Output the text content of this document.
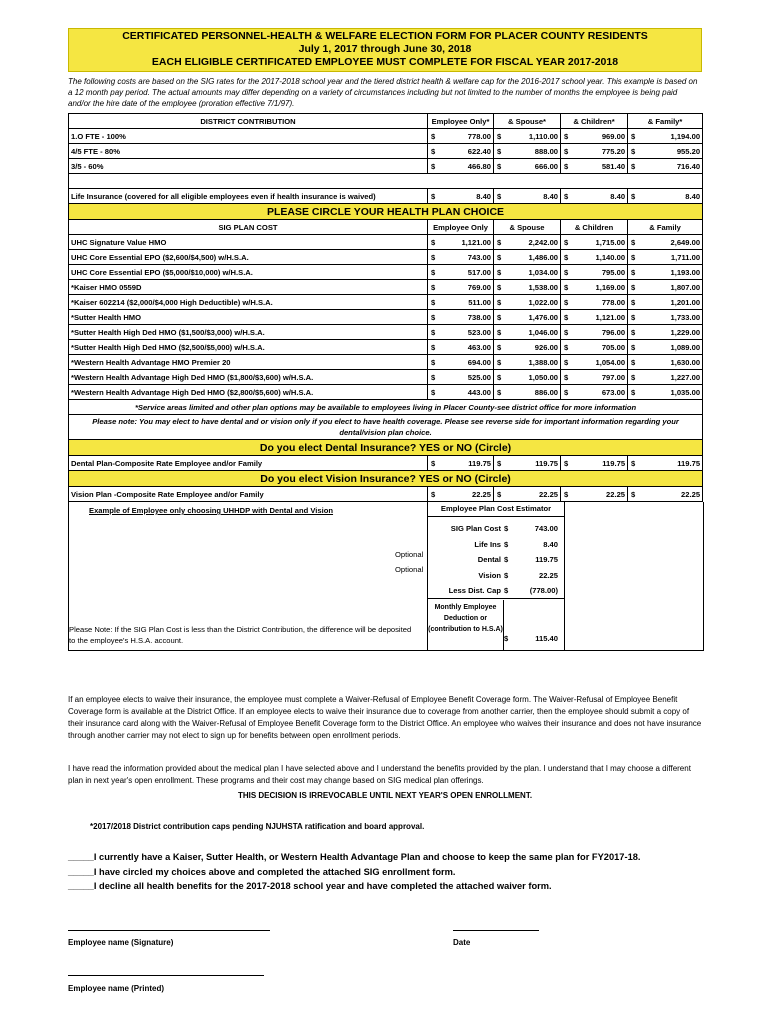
CERTIFICATED PERSONNEL-HEALTH & WELFARE ELECTION FORM FOR PLACER COUNTY RESIDENTS
July 1, 2017 through June 30, 2018
EACH ELIGIBLE CERTIFICATED EMPLOYEE MUST COMPLETE FOR FISCAL YEAR 2017-2018

The following costs are based on the SIG rates for the 2017-2018 school year and the tiered district health & welfare cap for the 2016-2017 school year. This example is based on a 12 month pay period. The actual amounts may differ depending on a variety of circumstances including but not limited to the number of months the employee is being paid and/or the hire date of the employee (proration effective 7/1/97).

DISTRICT CONTRIBUTION	Employee Only*		& Spouse*		& Children*		& Family*	
1.O FTE - 100%	$	778.00	$	1,110.00	$	969.00	$	1,194.00
4/5 FTE - 80%	$	622.40	$	888.00	$	775.20	$	955.20
3/5 - 60%	$	466.80	$	666.00	$	581.40	$	716.40

Life Insurance (covered for all eligible employees even if health insurance is waived)	$	8.40	$	8.40	$	8.40	$	8.40
PLEASE CIRCLE YOUR HEALTH PLAN CHOICE								
SIG PLAN COST	Employee Only		& Spouse		& Children		& Family	
UHC Signature Value HMO	$	1,121.00	$	2,242.00	$	1,715.00	$	2,649.00
UHC Core Essential EPO ($2,600/$4,500) w/H.S.A.	$	743.00	$	1,486.00	$	1,140.00	$	1,711.00
UHC Core Essential EPO ($5,000/$10,000) w/H.S.A.	$	517.00	$	1,034.00	$	795.00	$	1,193.00
*Kaiser HMO 0559D	$	769.00	$	1,538.00	$	1,169.00	$	1,807.00
*Kaiser 602214 ($2,000/$4,000 High Deductible) w/H.S.A.	$	511.00	$	1,022.00	$	778.00	$	1,201.00
*Sutter Health HMO	$	738.00	$	1,476.00	$	1,121.00	$	1,733.00
*Sutter Health High Ded HMO ($1,500/$3,000) w/H.S.A.	$	523.00	$	1,046.00	$	796.00	$	1,229.00
*Sutter Health High Ded HMO ($2,500/$5,000) w/H.S.A.	$	463.00	$	926.00	$	705.00	$	1,089.00
*Western Health Advantage HMO Premier 20	$	694.00	$	1,388.00	$	1,054.00	$	1,630.00
*Western Health Advantage High Ded HMO ($1,800/$3,600) w/H.S.A.	$	525.00	$	1,050.00	$	797.00	$	1,227.00
*Western Health Advantage High Ded HMO ($2,800/$5,600) w/H.S.A.	$	443.00	$	886.00	$	673.00	$	1,035.00
*Service areas limited and other plan options may be available to employees living in Placer County-see district office for more information								
Please note: You may elect to have dental and or vision only if you elect to have health coverage. Please see reverse side for important information regarding your dental/vision plan choice.								
Do you elect Dental Insurance? YES or NO (Circle)								
Dental Plan-Composite Rate Employee and/or Family	$	119.75	$	119.75	$	119.75	$	119.75
Do you elect Vision Insurance? YES or NO (Circle)								
Vision Plan -Composite Rate Employee and/or Family	$	22.25	$	22.25	$	22.25	$	22.25
Example of Employee only choosing UHHDP with Dental and Vision
Optional
Optional
Please Note: If the SIG Plan Cost is less than the District Contribution, the difference will be deposited to the employee's H.S.A. account.
Employee Plan Cost Estimator
SIG Plan Cost $	743.00
Life Ins $	8.40
Dental $	119.75
Vision $	22.25
Less Dist. Cap $	(778.00)
Monthly Employee Deduction or (contribution to H.S.A)
$	115.40

If an employee elects to waive their insurance, the employee must complete a Waiver-Refusal of Employee Benefit Coverage form. The Waiver-Refusal of Employee Benefit Coverage form is available at the District Office. If an employee elects to waive their insurance due to coverage from another carrier, then the employee should submit a copy of their insurance card along with the Waiver-Refusal of Employee Benefit Coverage form to the District Office. An employee who waives their insurance and does not have insurance through another carrier may not elect to sign up for benefits between open enrollment periods.

I have read the information provided about the medical plan I have selected above and I understand the benefits provided by the plan. I understand that I may choose a different plan in next year's open enrollment. These programs and their cost may change based on SIG medical plan offerings.

THIS DECISION IS IRREVOCABLE UNTIL NEXT YEAR'S OPEN ENROLLMENT.
*2017/2018 District contribution caps pending NJUHSTA ratification and board approval.
_____I currently have a Kaiser, Sutter Health, or Western Health Advantage Plan and choose to keep the same plan for FY2017-18.
_____I have circled my choices above and completed the attached SIG enrollment form.
_____I decline all health benefits for the 2017-2018 school year and have completed the attached waiver form.
Employee name (Signature)	Date
Employee name (Printed)
